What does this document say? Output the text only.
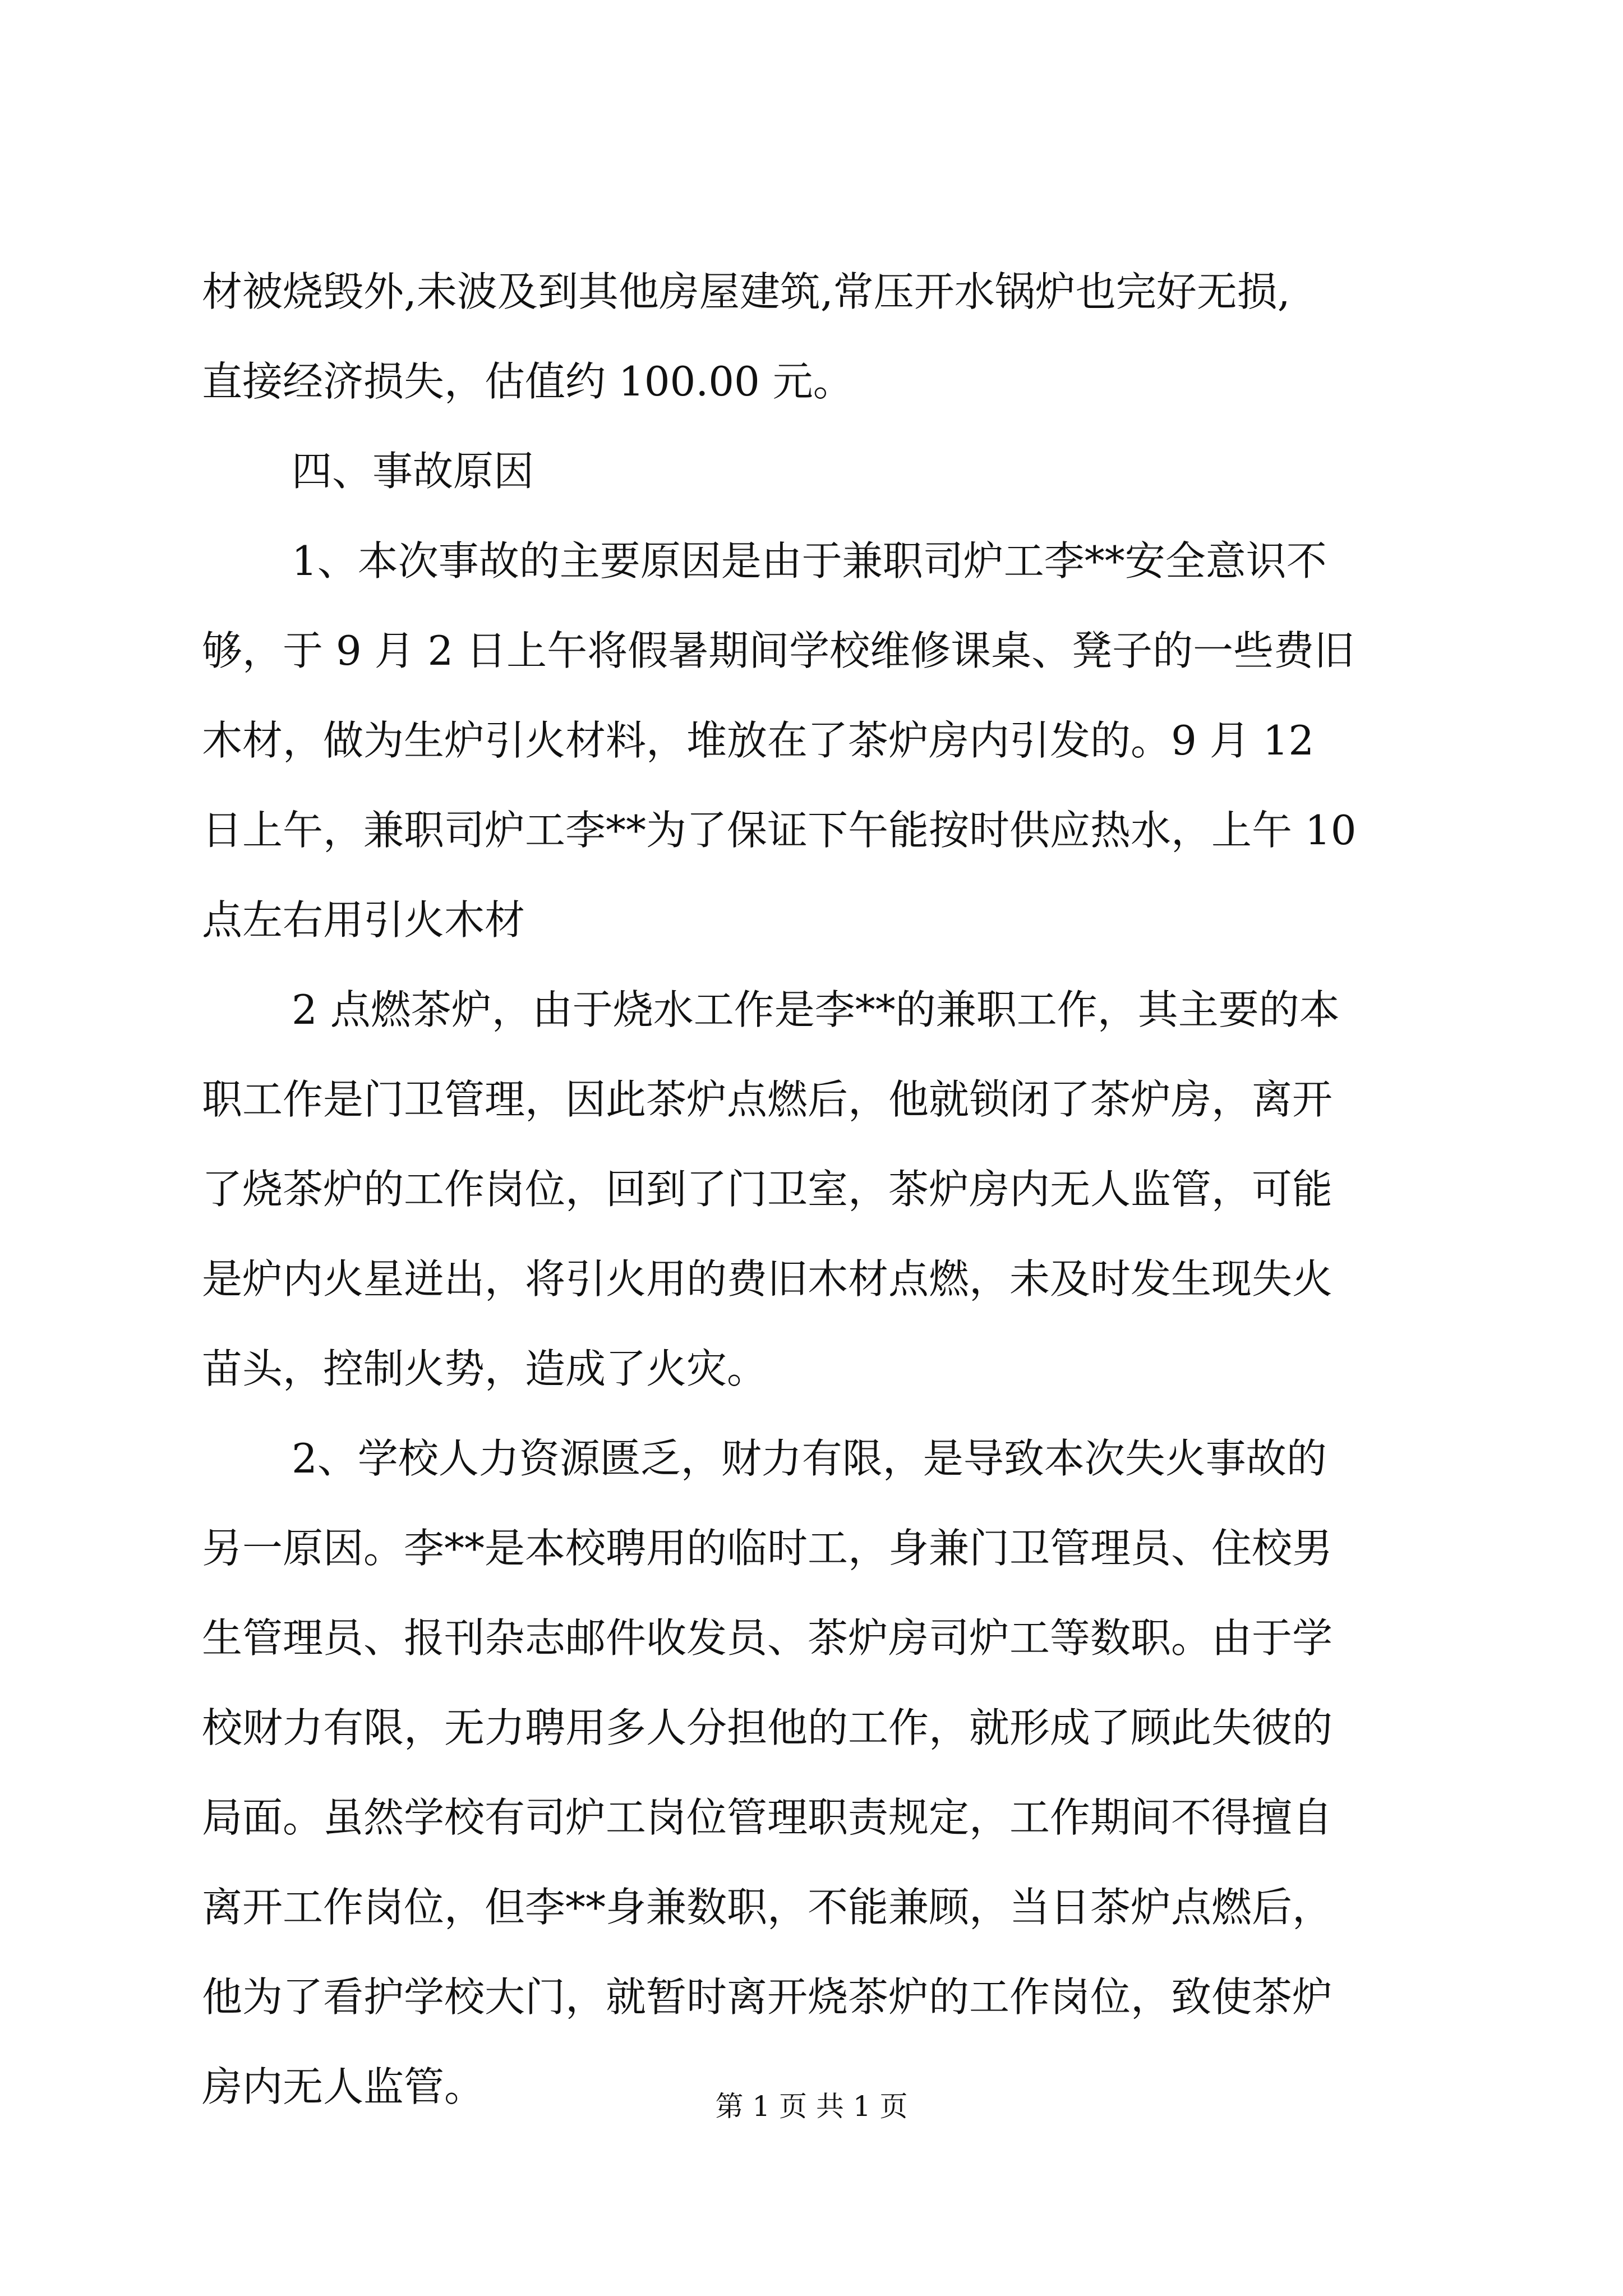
材被烧毁外,未波及到其他房屋建筑,常压开水锅炉也完好无损,
直接经济损失，估值约 100.00 元。
四、事故原因
1、本次事故的主要原因是由于兼职司炉工李**安全意识不
够，于 9 月 2 日上午将假暑期间学校维修课桌、凳子的一些费旧
木材，做为生炉引火材料，堆放在了茶炉房内引发的。9 月 12
日上午，兼职司炉工李**为了保证下午能按时供应热水，上午 10
点左右用引火木材
2 点燃茶炉，由于烧水工作是李**的兼职工作，其主要的本
职工作是门卫管理，因此茶炉点燃后，他就锁闭了茶炉房，离开
了烧茶炉的工作岗位，回到了门卫室，茶炉房内无人监管，可能
是炉内火星迸出，将引火用的费旧木材点燃，未及时发生现失火
苗头，控制火势，造成了火灾。
2、学校人力资源匮乏，财力有限，是导致本次失火事故的
另一原因。李**是本校聘用的临时工，身兼门卫管理员、住校男
生管理员、报刊杂志邮件收发员、茶炉房司炉工等数职。由于学
校财力有限，无力聘用多人分担他的工作，就形成了顾此失彼的
局面。虽然学校有司炉工岗位管理职责规定，工作期间不得擅自
离开工作岗位，但李**身兼数职，不能兼顾，当日茶炉点燃后，
他为了看护学校大门，就暂时离开烧茶炉的工作岗位，致使茶炉
房内无人监管。	第 1 页 共 1 页
